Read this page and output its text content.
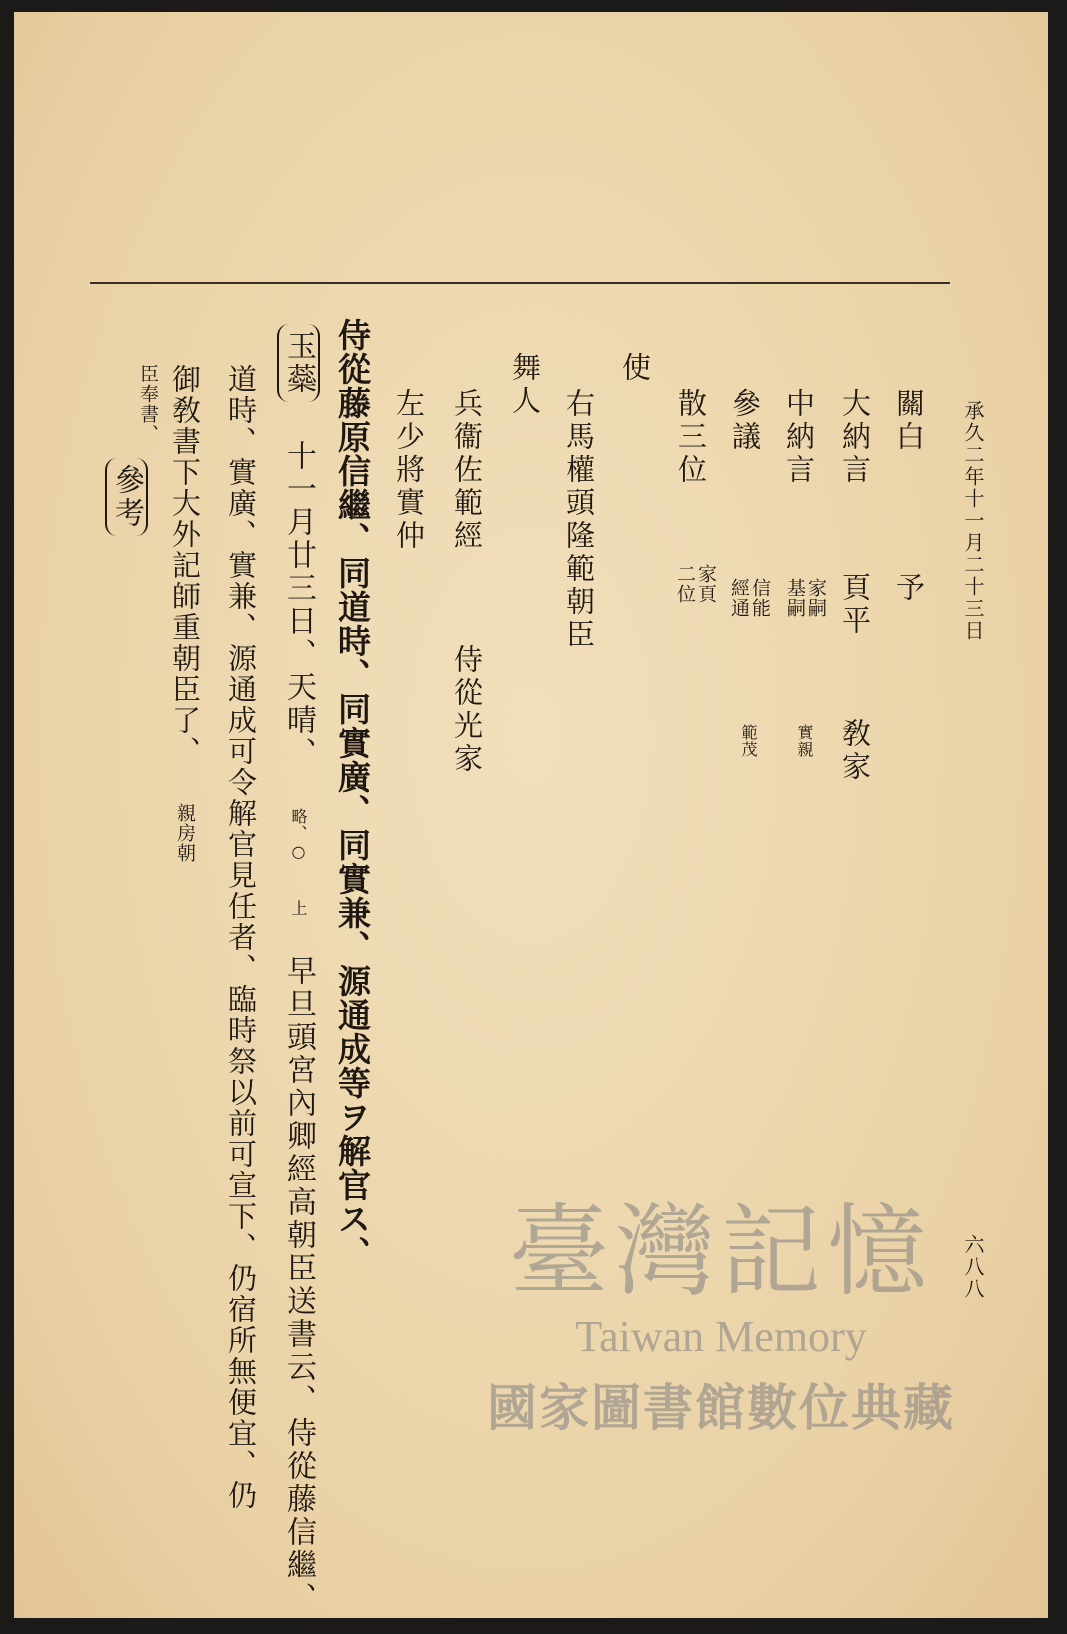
承久二年十一月二十三日
六八八
關白
予
大納言
頁平
敎家
中納言
家嗣
基嗣
實親
參議
信能
經通
範茂
散三位
家頁
二位
使
右馬權頭隆範朝臣
舞人
兵衞佐範經
侍從光家
左少將實仲
侍從藤原信繼、同道時、同實廣、同實兼、源通成等ヲ解官ス、
玉蘂 十一月廿三日、天晴、 略、○ 上 早旦頭宮內卿經高朝臣送書云、侍從藤信繼、
道時、實廣、實兼、源通成可令解官見任者、臨時祭以前可宣下、仍宿所無便宜、仍
御敎書下大外記師重朝臣了、 親房朝
臣奉書、
參考
臺灣記憶
Taiwan Memory
國家圖書館數位典藏
